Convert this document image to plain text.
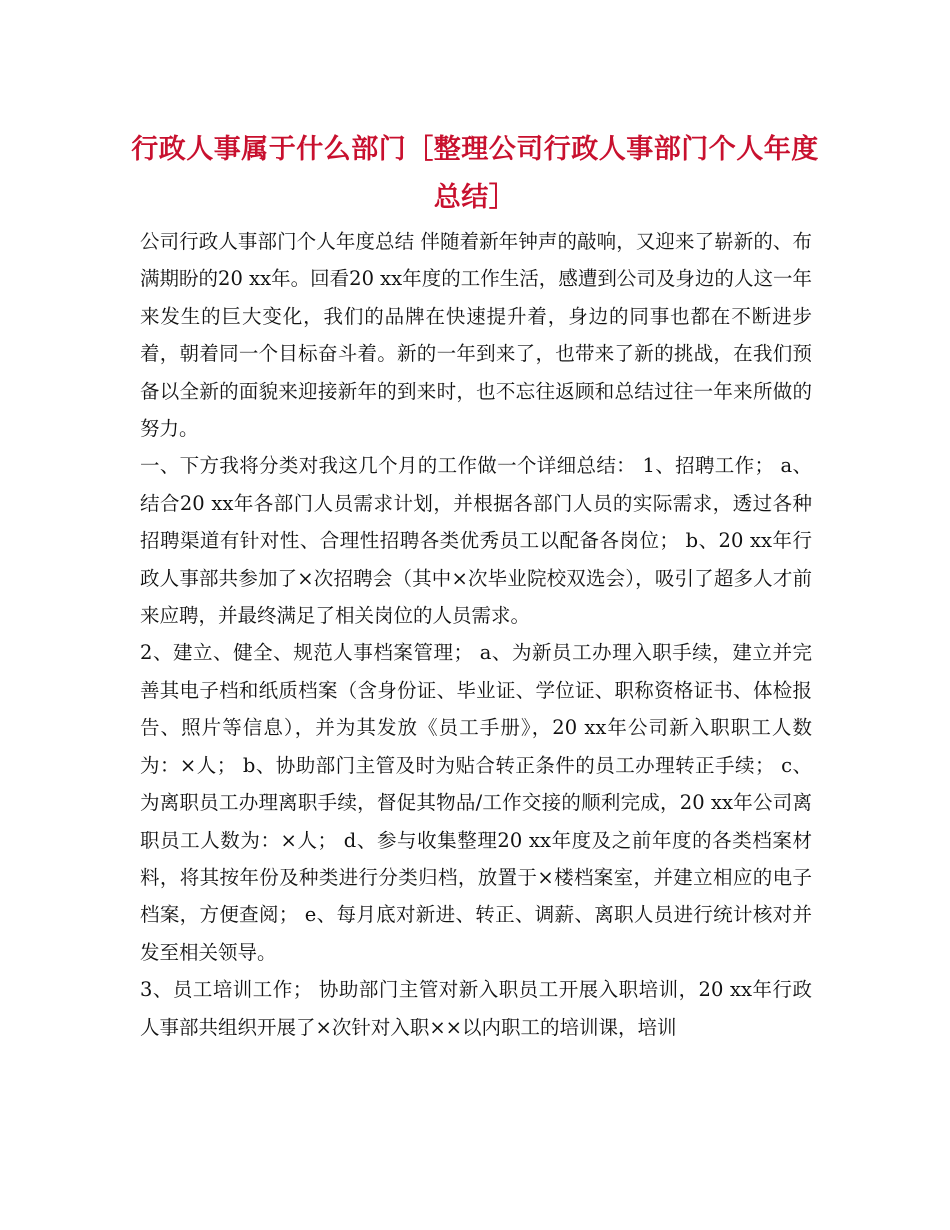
行政人事属于什么部门［整理公司行政人事部门个人年度总结］

公司行政人事部门个人年度总结 伴随着新年钟声的敲响，又迎来了崭新的、布满期盼的20 xx年。回看20 xx年度的工作生活，感遭到公司及身边的人这一年来发生的巨大变化，我们的品牌在快速提升着，身边的同事也都在不断进步着，朝着同一个目标奋斗着。新的一年到来了，也带来了新的挑战，在我们预备以全新的面貌来迎接新年的到来时，也不忘往返顾和总结过往一年来所做的努力。

一、下方我将分类对我这几个月的工作做一个详细总结： 1、招聘工作； a、结合20 xx年各部门人员需求计划，并根据各部门人员的实际需求，透过各种招聘渠道有针对性、合理性招聘各类优秀员工以配备各岗位； b、20 xx年行政人事部共参加了×次招聘会（其中×次毕业院校双选会），吸引了超多人才前来应聘，并最终满足了相关岗位的人员需求。

2、建立、健全、规范人事档案管理； a、为新员工办理入职手续，建立并完善其电子档和纸质档案（含身份证、毕业证、学位证、职称资格证书、体检报告、照片等信息），并为其发放《员工手册》，20 xx年公司新入职职工人数为：×人； b、协助部门主管及时为贴合转正条件的员工办理转正手续； c、为离职员工办理离职手续，督促其物品/工作交接的顺利完成，20 xx年公司离职员工人数为：×人； d、参与收集整理20 xx年度及之前年度的各类档案材料，将其按年份及种类进行分类归档，放置于×楼档案室，并建立相应的电子档案，方便查阅； e、每月底对新进、转正、调薪、离职人员进行统计核对并发至相关领导。

3、员工培训工作； 协助部门主管对新入职员工开展入职培训，20 xx年行政人事部共组织开展了×次针对入职××以内职工的培训课，培训
